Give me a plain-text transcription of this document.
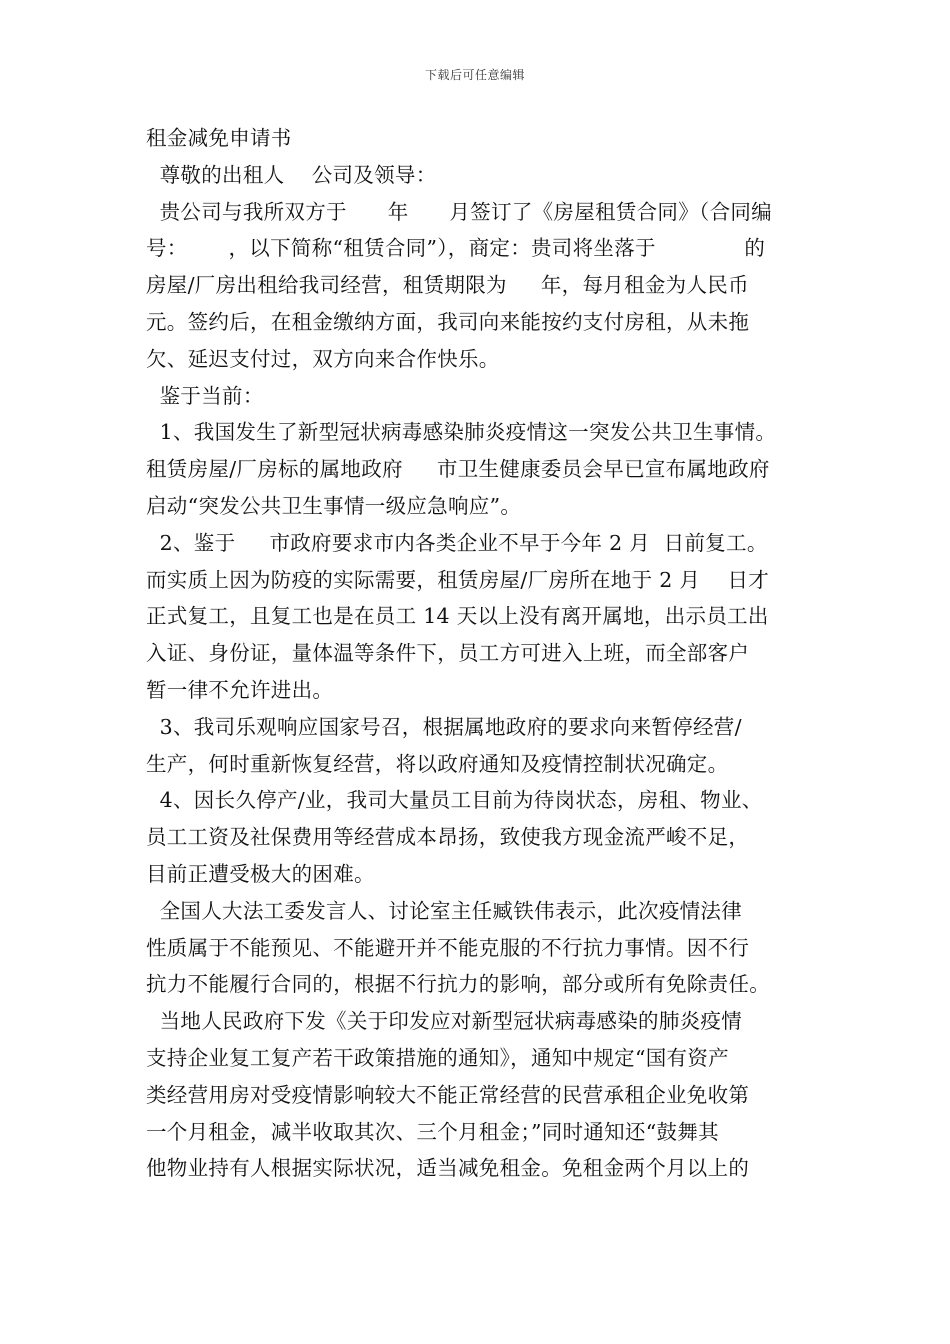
下载后可任意编辑
租金减免申请书
尊敬的出租人    公司及领导：
贵公司与我所双方于      年      月签订了《房屋租赁合同》（合同编
号：      ，以下简称“租赁合同”），商定：贵司将坐落于             的
房屋/厂房出租给我司经营，租赁期限为     年，每月租金为人民币
元。签约后，在租金缴纳方面，我司向来能按约支付房租，从未拖
欠、延迟支付过，双方向来合作快乐。
鉴于当前：
1、我国发生了新型冠状病毒感染肺炎疫情这一突发公共卫生事情。
租赁房屋/厂房标的属地政府     市卫生健康委员会早已宣布属地政府
启动“突发公共卫生事情一级应急响应”。
2、鉴于     市政府要求市内各类企业不早于今年 2 月  日前复工。
而实质上因为防疫的实际需要，租赁房屋/厂房所在地于 2 月    日才
正式复工，且复工也是在员工 14 天以上没有离开属地，出示员工出
入证、身份证，量体温等条件下，员工方可进入上班，而全部客户
暂一律不允许进出。
3、我司乐观响应国家号召，根据属地政府的要求向来暂停经营/
生产，何时重新恢复经营，将以政府通知及疫情控制状况确定。
4、因长久停产/业，我司大量员工目前为待岗状态，房租、物业、
员工工资及社保费用等经营成本昂扬，致使我方现金流严峻不足，
目前正遭受极大的困难。
全国人大法工委发言人、讨论室主任臧铁伟表示，此次疫情法律
性质属于不能预见、不能避开并不能克服的不行抗力事情。因不行
抗力不能履行合同的，根据不行抗力的影响，部分或所有免除责任。
当地人民政府下发《关于印发应对新型冠状病毒感染的肺炎疫情
支持企业复工复产若干政策措施的通知》，通知中规定“国有资产
类经营用房对受疫情影响较大不能正常经营的民营承租企业免收第
一个月租金，减半收取其次、三个月租金；”同时通知还“鼓舞其
他物业持有人根据实际状况，适当减免租金。免租金两个月以上的
